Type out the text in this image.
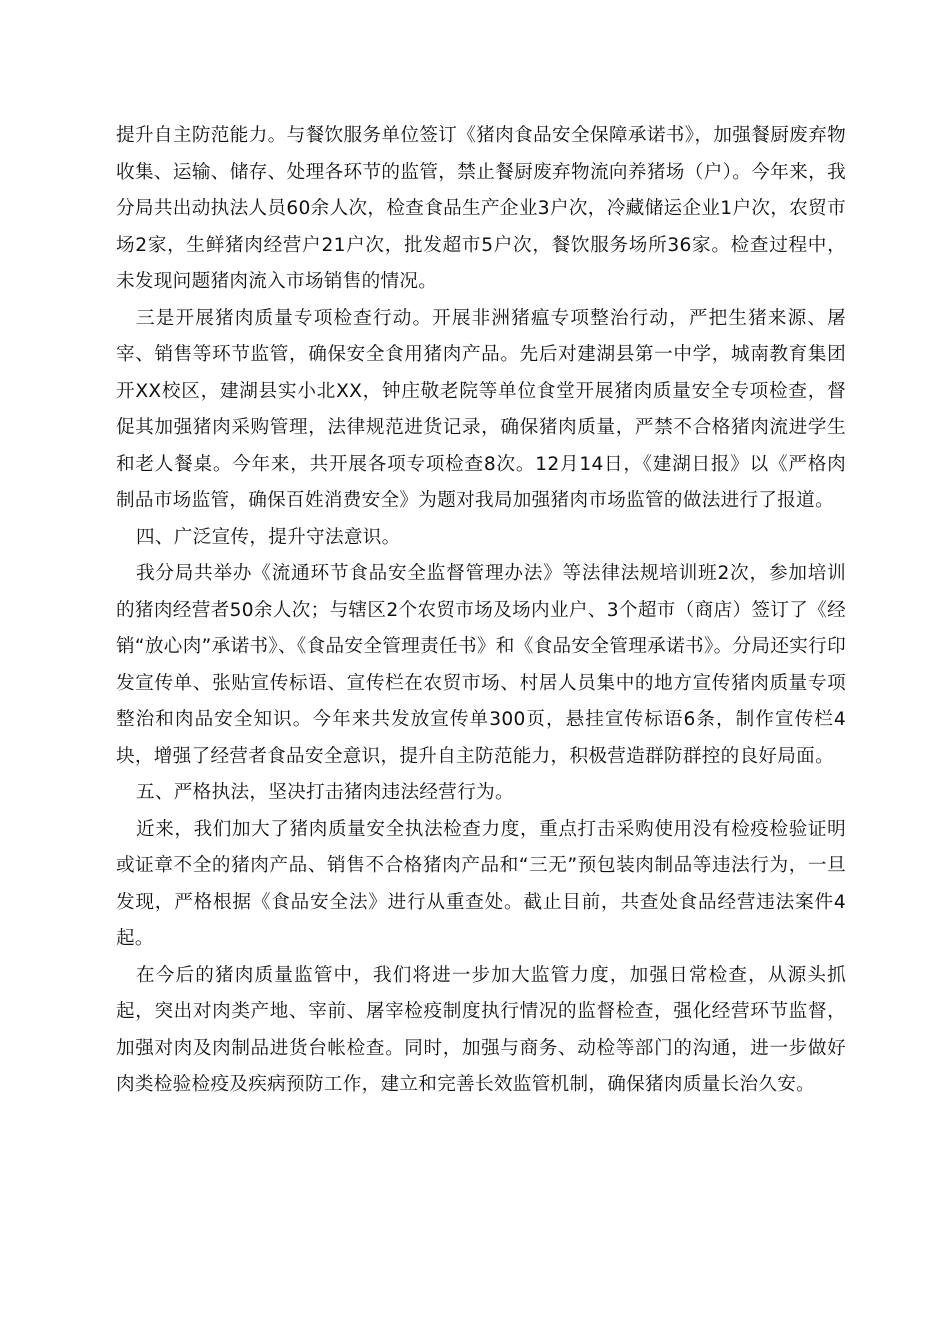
提升自主防范能力。与餐饮服务单位签订《猪肉食品安全保障承诺书》，加强餐厨废弃物收集、运输、储存、处理各环节的监管，禁止餐厨废弃物流向养猪场（户）。今年来，我分局共出动执法人员60余人次，检查食品生产企业3户次，冷藏储运企业1户次，农贸市场2家，生鲜猪肉经营户21户次，批发超市5户次，餐饮服务场所36家。检查过程中，未发现问题猪肉流入市场销售的情况。

三是开展猪肉质量专项检查行动。开展非洲猪瘟专项整治行动，严把生猪来源、屠宰、销售等环节监管，确保安全食用猪肉产品。先后对建湖县第一中学，城南教育集团开XX校区，建湖县实小北XX，钟庄敬老院等单位食堂开展猪肉质量安全专项检查，督促其加强猪肉采购管理，法律规范进货记录，确保猪肉质量，严禁不合格猪肉流进学生和老人餐桌。今年来，共开展各项专项检查8次。12月14日，《建湖日报》以《严格肉制品市场监管，确保百姓消费安全》为题对我局加强猪肉市场监管的做法进行了报道。

四、广泛宣传，提升守法意识。

我分局共举办《流通环节食品安全监督管理办法》等法律法规培训班2次，参加培训的猪肉经营者50余人次；与辖区2个农贸市场及场内业户、3个超市（商店）签订了《经销“放心肉”承诺书》、《食品安全管理责任书》和《食品安全管理承诺书》。分局还实行印发宣传单、张贴宣传标语、宣传栏在农贸市场、村居人员集中的地方宣传猪肉质量专项整治和肉品安全知识。今年来共发放宣传单300页，悬挂宣传标语6条，制作宣传栏4块，增强了经营者食品安全意识，提升自主防范能力，积极营造群防群控的良好局面。

五、严格执法，坚决打击猪肉违法经营行为。

近来，我们加大了猪肉质量安全执法检查力度，重点打击采购使用没有检疫检验证明或证章不全的猪肉产品、销售不合格猪肉产品和“三无”预包装肉制品等违法行为，一旦发现，严格根据《食品安全法》进行从重查处。截止目前，共查处食品经营违法案件4起。

在今后的猪肉质量监管中，我们将进一步加大监管力度，加强日常检查，从源头抓起，突出对肉类产地、宰前、屠宰检疫制度执行情况的监督检查，强化经营环节监督，加强对肉及肉制品进货台帐检查。同时，加强与商务、动检等部门的沟通，进一步做好肉类检验检疫及疾病预防工作，建立和完善长效监管机制，确保猪肉质量长治久安。
